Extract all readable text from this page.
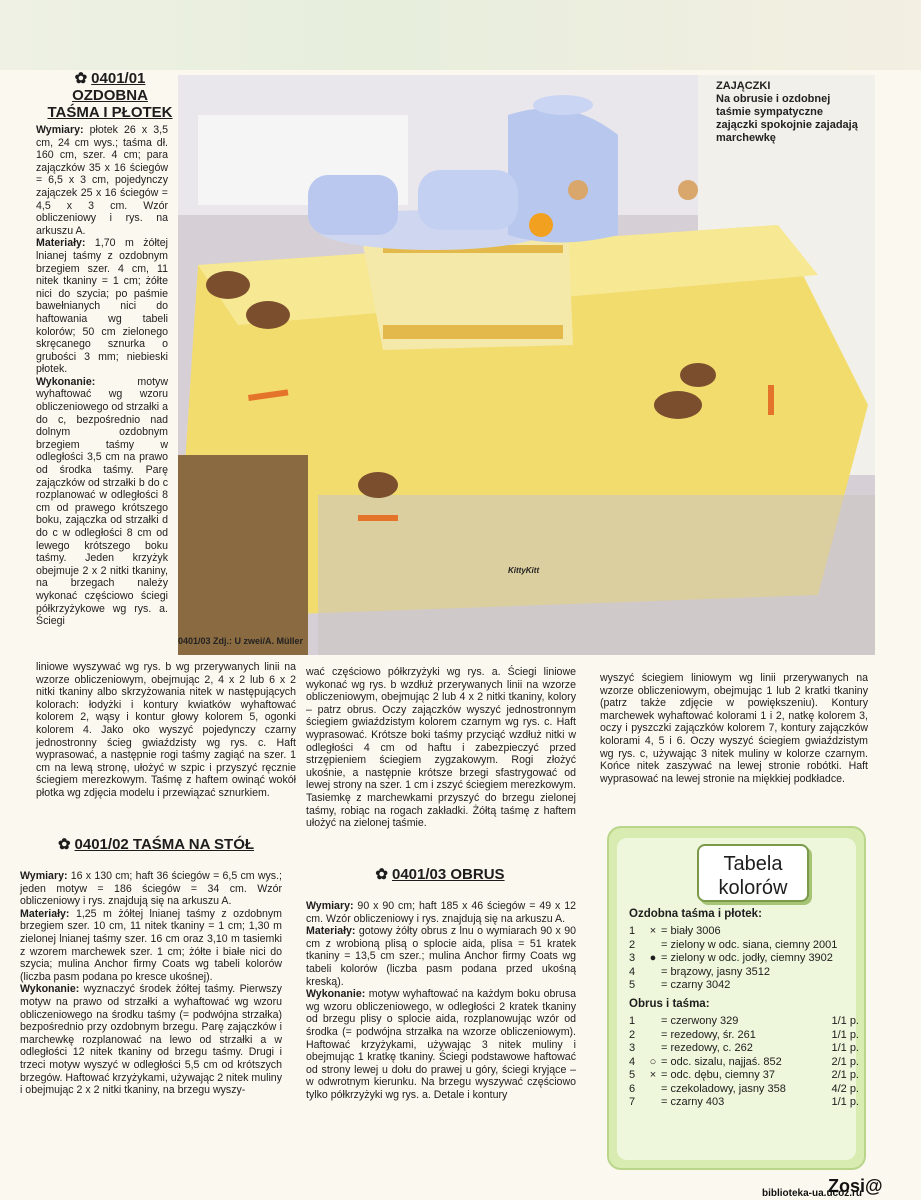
✿ 0401/01
OZDOBNA
TAŚMA I PŁOTEK

Wymiary: płotek 26 x 3,5 cm, 24 cm wys.; taśma dł. 160 cm, szer. 4 cm; para zajączków 35 x 16 ściegów = 6,5 x 3 cm, pojedynczy zajączek 25 x 16 ściegów = 4,5 x 3 cm. Wzór obliczeniowy i rys. na arkuszu A.

Materiały: 1,70 m żółtej lnianej taśmy z ozdobnym brzegiem szer. 4 cm, 11 nitek tkaniny = 1 cm; żółte nici do szycia; po paśmie bawełnianych nici do haftowania wg tabeli kolorów; 50 cm zielonego skręcanego sznurka o grubości 3 mm; niebieski płotek.

Wykonanie:	motyw wyhaftować wg wzoru obliczeniowego od strzałki a do c, bezpośrednio nad dolnym ozdobnym brzegiem taśmy w odległości 3,5 cm na prawo od środka taśmy. Parę zajączków od strzałki b do c rozplanować w odległości 8 cm od prawego krótszego boku, zajączka od strzałki d do c w odległości 8 cm od lewego krótszego boku taśmy. Jeden krzyżyk obejmuje 2 x 2 nitki tkaniny, na brzegach należy wykonać częściowo ściegi półkrzyżykowe wg rys. a. Ściegi

liniowe wyszywać wg rys. b wg przerywanych linii na wzorze obliczeniowym, obejmując 2, 4 x 2 lub 6 x 2 nitki tkaniny albo skrzyżowania nitek w następujących kolorach: łodyżki i kontury kwiatków wyhaftować kolorem 2, wąsy i kontur głowy kolorem 5, ogonki kolorem 4. Jako oko wyszyć pojedynczy czarny jednostronny ścieg gwiaździsty wg rys. c. Haft wyprasować, a następnie rogi taśmy zagiąć na szer. 1 cm na lewą stronę, ułożyć w szpic i przyszyć ręcznie ściegiem merezkowym. Taśmę z haftem owinąć wokół płotka wg zdjęcia modelu i przewiązać sznurkiem.

KittyKitt
0401/03 Zdj.: U zwei/A. Müller
ZAJĄCZKI
Na obrusie i ozdobnej taśmie sympatyczne zajączki spokojnie zajadają marchewkę
✿ 0401/02 TAŚMA NA STÓŁ

Wymiary: 16 x 130 cm; haft 36 ściegów = 6,5 cm wys.; jeden motyw = 186 ściegów = 34 cm. Wzór obliczeniowy i rys. znajdują się na arkuszu A.

Materiały: 1,25 m żółtej lnianej taśmy z ozdobnym brzegiem szer. 10 cm, 11 nitek tkaniny = 1 cm; 1,30 m zielonej lnianej taśmy szer. 16 cm oraz 3,10 m tasiemki z wzorem marchewek szer. 1 cm; żółte i białe nici do szycia; mulina Anchor firmy Coats wg tabeli kolorów (liczba pasm podana po kresce ukośnej).

Wykonanie: wyznaczyć środek żółtej taśmy. Pierwszy motyw na prawo od strzałki a wyhaftować wg wzoru obliczeniowego na środku taśmy (= podwójna strzałka) bezpośrednio przy ozdobnym brzegu. Parę zajączków i marchewkę rozplanować na lewo od strzałki a w odległości 12 nitek tkaniny od brzegu taśmy. Drugi i trzeci motyw wyszyć w odległości 5,5 cm od krótszych brzegów. Haftować krzyżykami, używając 2 nitek muliny i obejmując 2 x 2 nitki tkaniny, na brzegu wyszy-

wać częściowo półkrzyżyki wg rys. a. Ściegi liniowe wykonać wg rys. b wzdłuż przerywanych linii na wzorze obliczeniowym, obejmując 2 lub 4 x 2 nitki tkaniny, kolory – patrz obrus. Oczy zajączków wyszyć jednostronnym ściegiem gwiaździstym kolorem czarnym wg rys. c. Haft wyprasować. Krótsze boki taśmy przyciąć wzdłuż nitki w odległości 4 cm od haftu i zabezpieczyć przed strzępieniem ściegiem zygzakowym. Rogi złożyć ukośnie, a następnie krótsze brzegi sfastrygować od lewej strony na szer. 1 cm i zszyć ściegiem merezkowym. Tasiemkę z marchewkami przyszyć do brzegu zielonej taśmy, robiąc na rogach zakładki. Żółtą taśmę z haftem ułożyć na zielonej taśmie.

✿ 0401/03 OBRUS

Wymiary: 90 x 90 cm; haft 185 x 46 ściegów = 49 x 12 cm. Wzór obliczeniowy i rys. znajdują się na arkuszu A.

Materiały: gotowy żółty obrus z lnu o wymiarach 90 x 90 cm z wrobioną plisą o splocie aida, plisa = 51 kratek tkaniny = 13,5 cm szer.; mulina Anchor firmy Coats wg tabeli kolorów (liczba pasm podana przed ukośną kreską).

Wykonanie: motyw wyhaftować na każdym boku obrusa wg wzoru obliczeniowego, w odległości 2 kratek tkaniny od brzegu plisy o splocie aida, rozplanowując wzór od środka (= podwójna strzałka na wzorze obliczeniowym). Haftować krzyżykami, używając 3 nitek muliny i obejmując 1 kratkę tkaniny. Ściegi podstawowe haftować od strony lewej u dołu do prawej u góry, ściegi kryjące – w odwrotnym kierunku. Na brzegu wyszywać częściowo tylko półkrzyżyki wg rys. a. Detale i kontury

wyszyć ściegiem liniowym wg linii przerywanych na wzorze obliczeniowym, obejmując 1 lub 2 kratki tkaniny (patrz także zdjęcie w powiększeniu). Kontury marchewek wyhaftować kolorami 1 i 2, natkę kolorem 3, oczy i pyszczki zajączków kolorem 7, kontury zajączków kolorami 4, 5 i 6. Oczy wyszyć ściegiem gwiaździstym wg rys. c, używając 3 nitek muliny w kolorze czarnym. Końce nitek zaszywać na lewej stronie robótki. Haft wyprasować na lewej stronie na miękkiej podkładce.

Tabela
kolorów
Ozdobna taśma i płotek:
1	× = biały 3006
2	= zielony w odc. siana, ciemny 2001
3	● = zielony w odc. jodły, ciemny 3902
4	= brązowy, jasny 3512
5	= czarny 3042
Obrus i taśma:
1	= czerwony 329	1/1 p.
2	= rezedowy, śr. 261	1/1 p.
3	= rezedowy, c. 262	1/1 p.
4	○ = odc. sizalu, najjaś. 852	2/1 p.
5	× = odc. dębu, ciemny 37	2/1 p.
6	= czekoladowy, jasny 358	4/2 p.
7	= czarny 403	1/1 p.
Zosi@
biblioteka-ua.ucoz.ru
